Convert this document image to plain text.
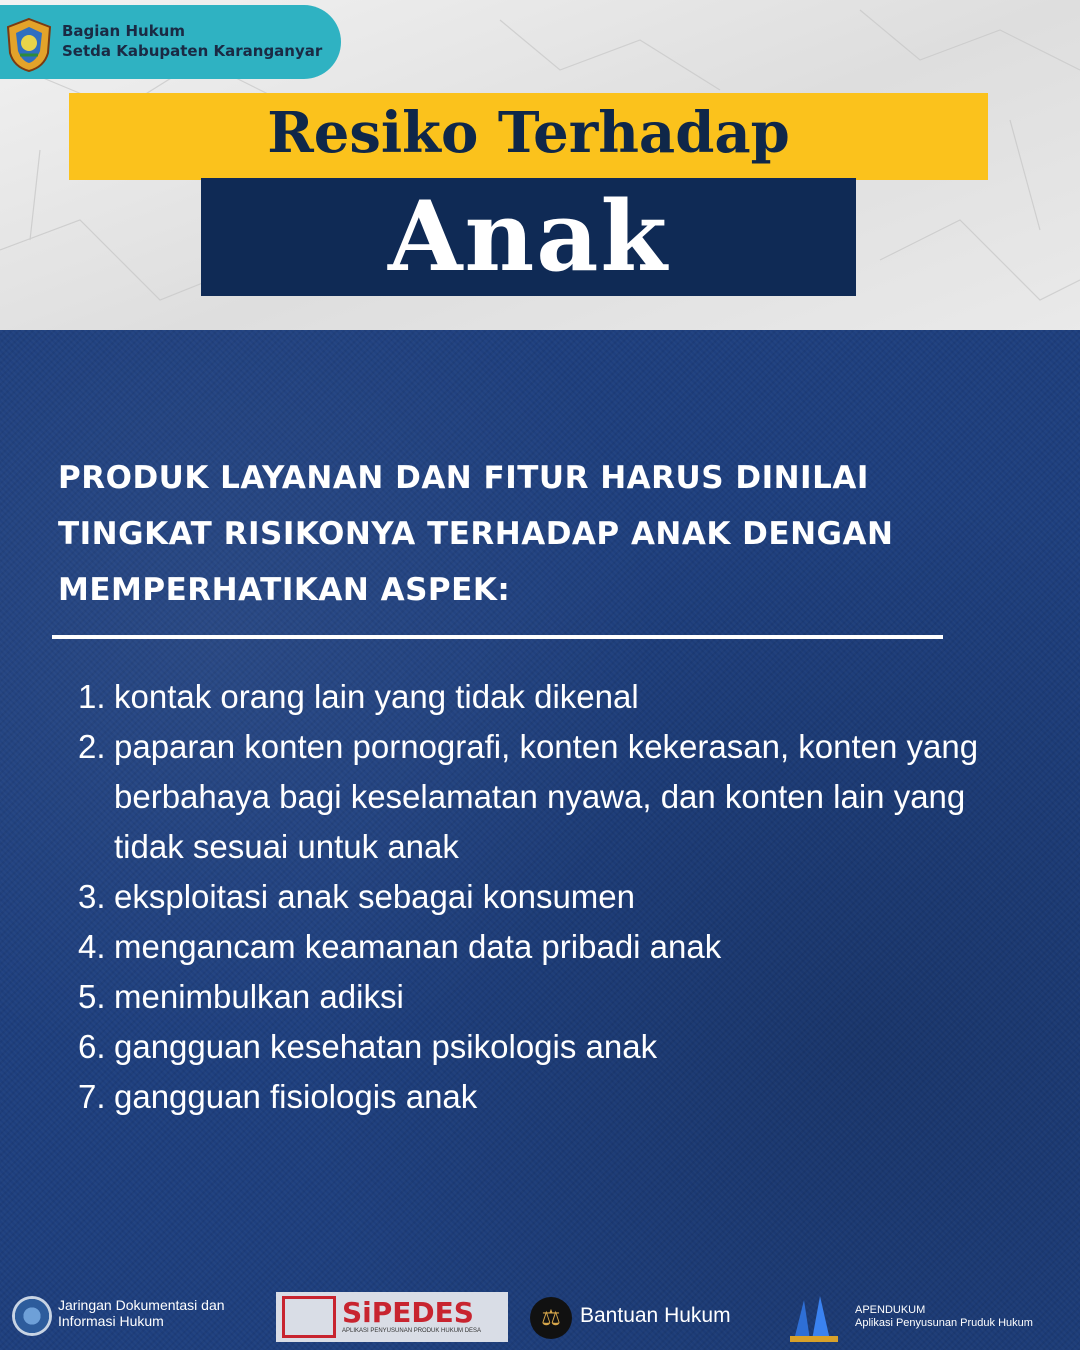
Bagian Hukum
Setda Kabupaten Karanganyar
Resiko Terhadap
Anak
PRODUK LAYANAN DAN FITUR HARUS DINILAI TINGKAT RISIKONYA TERHADAP ANAK DENGAN MEMPERHATIKAN ASPEK:
1. kontak orang lain yang tidak dikenal
2. paparan konten pornografi, konten kekerasan, konten yang berbahaya bagi keselamatan nyawa, dan konten lain yang tidak sesuai untuk anak
3. eksploitasi anak sebagai konsumen
4. mengancam keamanan data pribadi anak
5. menimbulkan adiksi
6. gangguan kesehatan psikologis anak
7. gangguan fisiologis anak
Jaringan Dokumentasi dan
Informasi Hukum	SiPEDES
APLIKASI PENYUSUNAN PRODUK HUKUM DESA
⚖ Bantuan Hukum	APENDUKUM
Aplikasi Penyusunan Pruduk Hukum
